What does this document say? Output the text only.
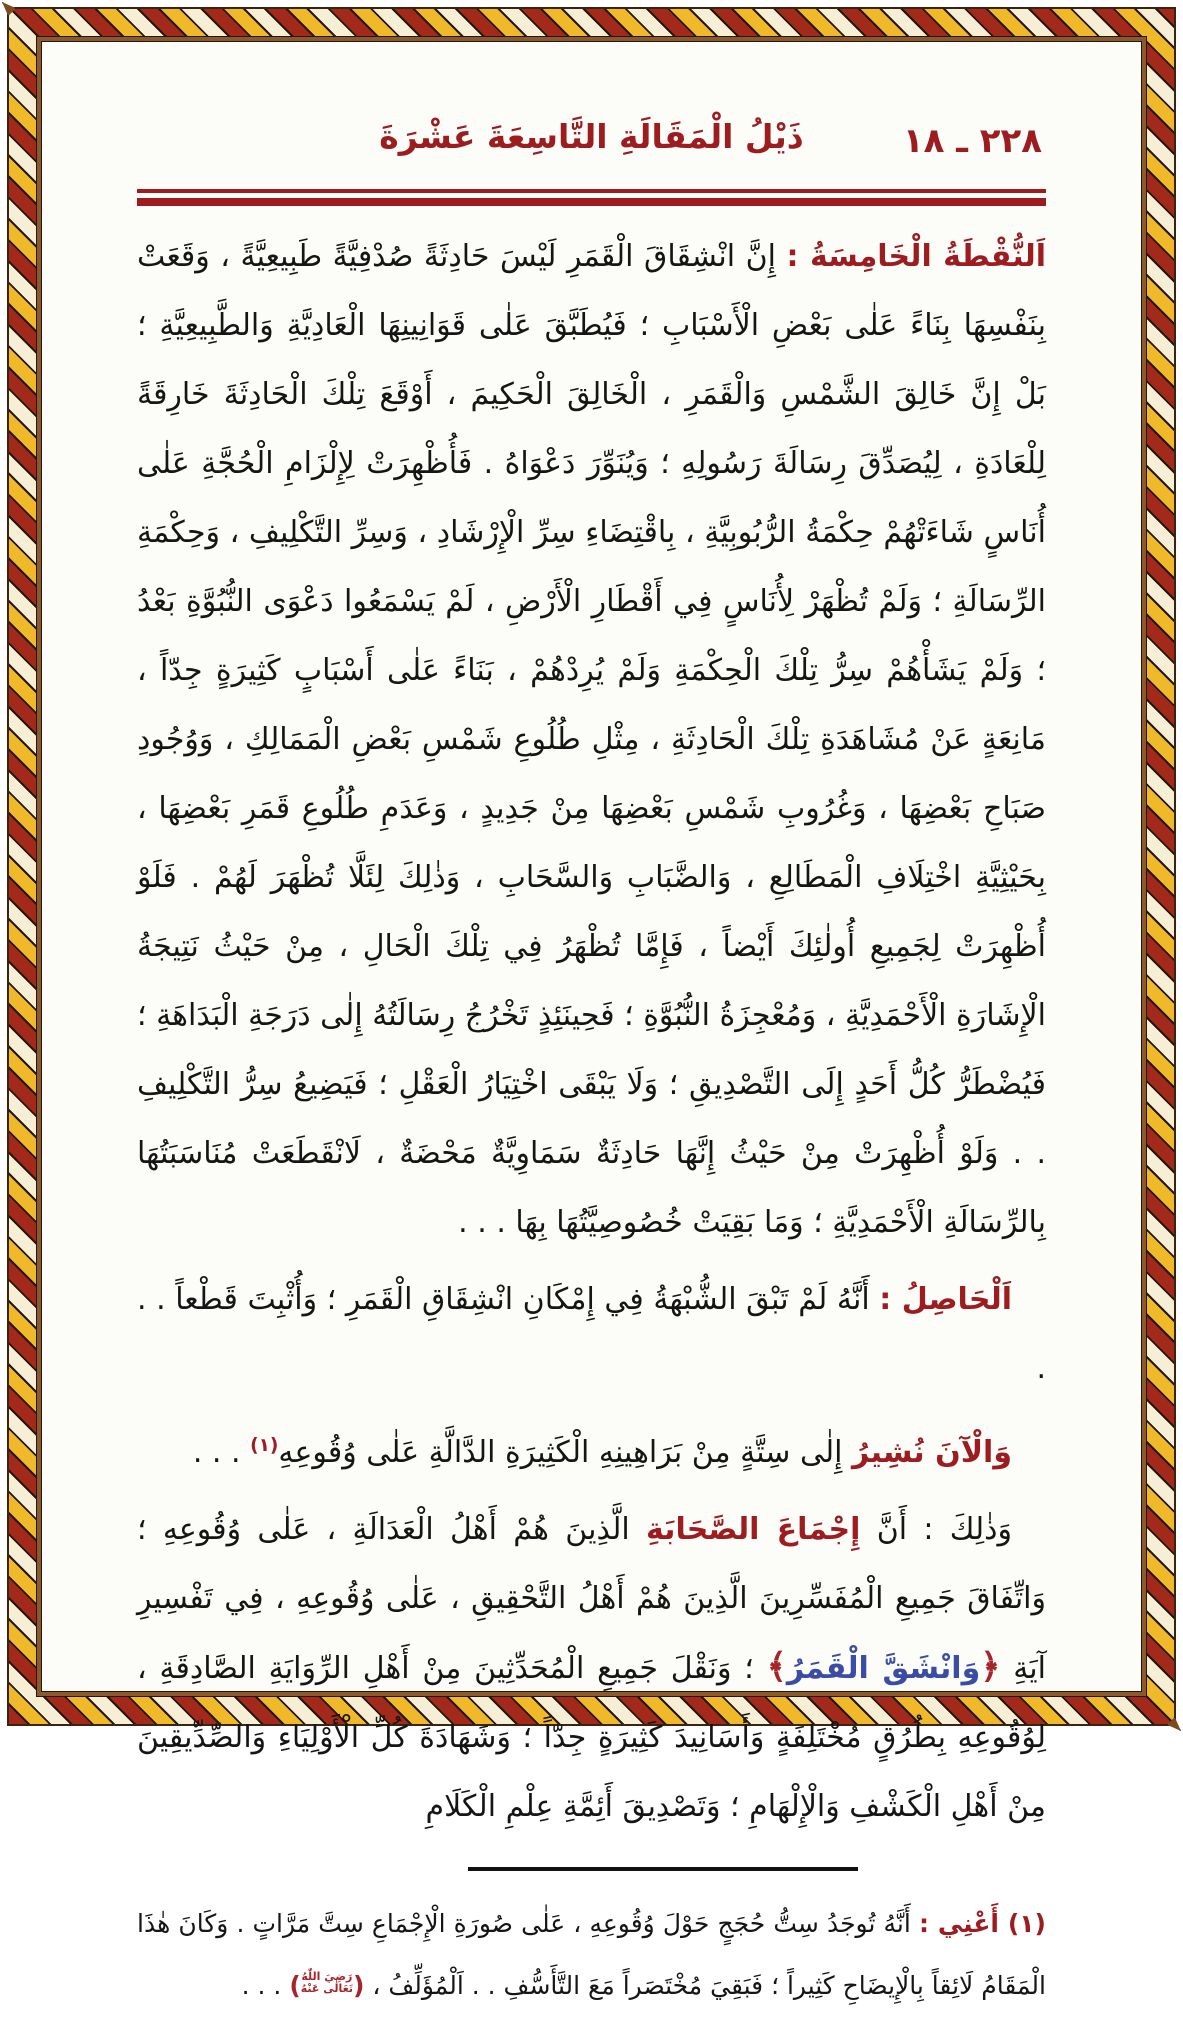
٢٢٨ ـ ١٨
ذَيْلُ الْمَقَالَةِ التَّاسِعَةَ عَشْرَةَ

اَلنُّقْطَةُ الْخَامِسَةُ : إِنَّ انْشِقَاقَ الْقَمَرِ لَيْسَ حَادِثَةً صُدْفِيَّةً طَبِيعِيَّةً ، وَقَعَتْ بِنَفْسِهَا بِنَاءً عَلٰى بَعْضِ الْأَسْبَابِ ؛ فَيُطَبَّقَ عَلٰى قَوَانِينِهَا الْعَادِيَّةِ وَالطَّبِيعِيَّةِ ؛ بَلْ إِنَّ خَالِقَ الشَّمْسِ وَالْقَمَرِ ، الْخَالِقَ الْحَكِيمَ ، أَوْقَعَ تِلْكَ الْحَادِثَةَ خَارِقَةً لِلْعَادَةِ ، لِيُصَدِّقَ رِسَالَةَ رَسُولِهِ ؛ وَيُنَوِّرَ دَعْوَاهُ . فَأُظْهِرَتْ لِإِلْزَامِ الْحُجَّةِ عَلٰى أُنَاسٍ شَاءَتْهُمْ حِكْمَةُ الرُّبُوبِيَّةِ ، بِاقْتِضَاءِ سِرِّ الْإِرْشَادِ ، وَسِرِّ التَّكْلِيفِ ، وَحِكْمَةِ الرِّسَالَةِ ؛ وَلَمْ تُظْهَرْ لِأُنَاسٍ فِي أَقْطَارِ الْأَرْضِ ، لَمْ يَسْمَعُوا دَعْوَى النُّبُوَّةِ بَعْدُ ؛ وَلَمْ يَشَأْهُمْ سِرُّ تِلْكَ الْحِكْمَةِ وَلَمْ يُرِدْهُمْ ، بَنَاءً عَلٰى أَسْبَابٍ كَثِيرَةٍ جِدّاً ، مَانِعَةٍ عَنْ مُشَاهَدَةِ تِلْكَ الْحَادِثَةِ ، مِثْلِ طُلُوعِ شَمْسِ بَعْضِ الْمَمَالِكِ ، وَوُجُودِ صَبَاحِ بَعْضِهَا ، وَغُرُوبِ شَمْسِ بَعْضِهَا مِنْ جَدِيدٍ ، وَعَدَمِ طُلُوعِ قَمَرِ بَعْضِهَا ، بِحَيْثِيَّةِ اخْتِلَافِ الْمَطَالِعِ ، وَالضَّبَابِ وَالسَّحَابِ ، وَذٰلِكَ لِئَلَّا تُظْهَرَ لَهُمْ . فَلَوْ أُظْهِرَتْ لِجَمِيعِ أُولٰئِكَ أَيْضاً ، فَإِمَّا تُظْهَرُ فِي تِلْكَ الْحَالِ ، مِنْ حَيْثُ نَتِيجَةُ الْإِشَارَةِ الْأَحْمَدِيَّةِ ، وَمُعْجِزَةُ النُّبُوَّةِ ؛ فَحِينَئِذٍ تَخْرُجُ رِسَالَتُهُ إِلٰى دَرَجَةِ الْبَدَاهَةِ ؛ فَيُضْطَرُّ كُلُّ أَحَدٍ إِلَى التَّصْدِيقِ ؛ وَلَا يَبْقَى اخْتِيَارُ الْعَقْلِ ؛ فَيَضِيعُ سِرُّ التَّكْلِيفِ . . وَلَوْ أُظْهِرَتْ مِنْ حَيْثُ إِنَّهَا حَادِثَةٌ سَمَاوِيَّةٌ مَحْضَةٌ ، لَانْقَطَعَتْ مُنَاسَبَتُهَا بِالرِّسَالَةِ الْأَحْمَدِيَّةِ ؛ وَمَا بَقِيَتْ خُصُوصِيَّتُهَا بِهَا . . .

اَلْحَاصِلُ : أَنَّهُ لَمْ تَبْقَ الشُّبْهَةُ فِي إِمْكَانِ انْشِقَاقِ الْقَمَرِ ؛ وَأُثْبِتَ قَطْعاً . . .

وَالْآنَ نُشِيرُ إِلٰى سِتَّةٍ مِنْ بَرَاهِينِهِ الْكَثِيرَةِ الدَّالَّةِ عَلٰى وُقُوعِهِ$^{(١)}$ . . .

وَذٰلِكَ : أَنَّ إِجْمَاعَ الصَّحَابَةِ الَّذِينَ هُمْ أَهْلُ الْعَدَالَةِ ، عَلٰى وُقُوعِهِ ؛ وَاتِّفَاقَ جَمِيعِ الْمُفَسِّرِينَ الَّذِينَ هُمْ أَهْلُ التَّحْقِيقِ ، عَلٰى وُقُوعِهِ ، فِي تَفْسِيرِ آيَةِ ﴿وَانْشَقَّ الْقَمَرُ﴾ ؛ وَنَقْلَ جَمِيعِ الْمُحَدِّثِينَ مِنْ أَهْلِ الرِّوَايَةِ الصَّادِقَةِ ، لِوُقُوعِهِ بِطُرُقٍ مُخْتَلِفَةٍ وَأَسَانِيدَ كَثِيرَةٍ جِدّاً ؛ وَشَهَادَةَ كُلِّ الْأَوْلِيَاءِ وَالصِّدِّيقِينَ مِنْ أَهْلِ الْكَشْفِ وَالْإِلْهَامِ ؛ وَتَصْدِيقَ أَئِمَّةِ عِلْمِ الْكَلَامِ

(١) أَعْنِي : أَنَّهُ تُوجَدُ سِتُّ حُجَجٍ حَوْلَ وُقُوعِهِ ، عَلٰى صُورَةِ الْإِجْمَاعِ سِتَّ مَرَّاتٍ . وَكَانَ هٰذَا الْمَقَامُ لَائِقاً بِالْإِيضَاحِ كَثِيراً ؛ فَبَقِيَ مُخْتَصَراً مَعَ التَّأَسُّفِ . . اَلْمُؤَلِّفُ ، (رَضِيَ اللّٰهُ
تَعَالٰى عَنْهُ) . . .
